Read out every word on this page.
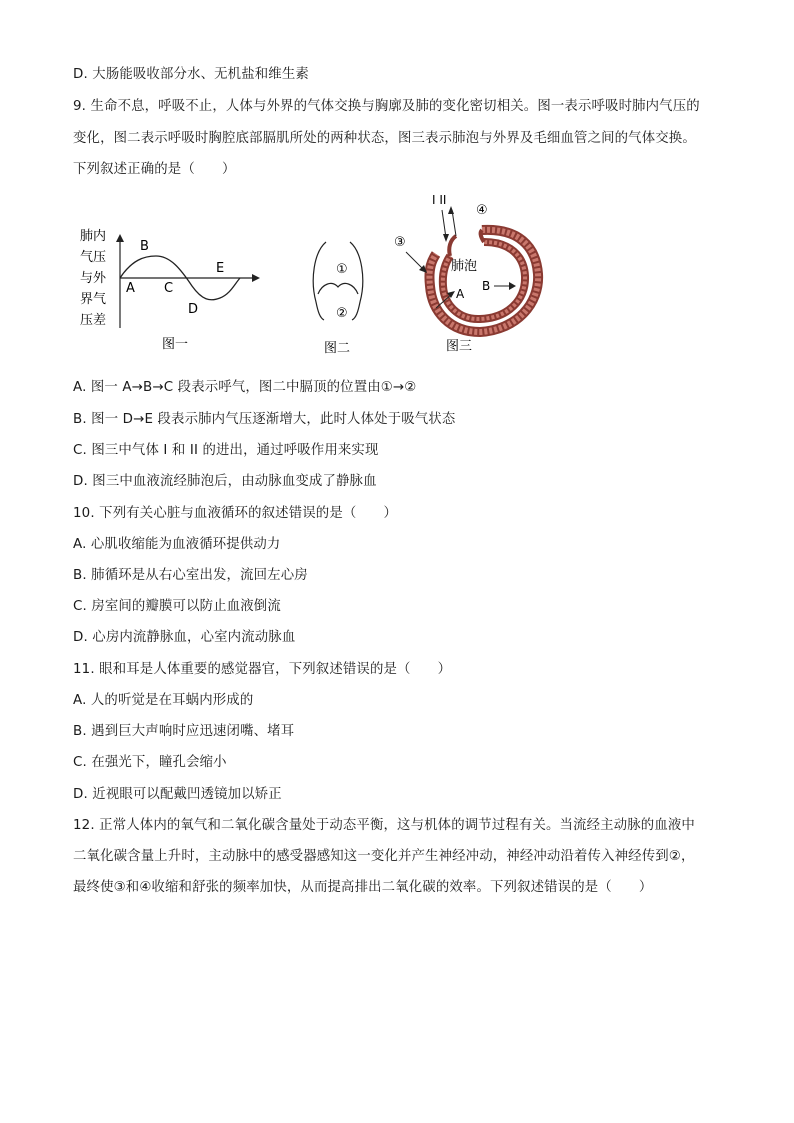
D. 大肠能吸收部分水、无机盐和维生素
9. 生命不息，呼吸不止，人体与外界的气体交换与胸廓及肺的变化密切相关。图一表示呼吸时肺内气压的
变化，图二表示呼吸时胸腔底部膈肌所处的两种状态，图三表示肺泡与外界及毛细血管之间的气体交换。
下列叙述正确的是（　　）
肺内
气压
与外
界气
压差
A
B
C
D
E
图一
①
②
图二
I II
③
④
肺泡
A
B
图三
A. 图一 A→B→C 段表示呼气，图二中膈顶的位置由①→②
B. 图一 D→E 段表示肺内气压逐渐增大，此时人体处于吸气状态
C. 图三中气体 I 和 II 的进出，通过呼吸作用来实现
D. 图三中血液流经肺泡后，由动脉血变成了静脉血
10. 下列有关心脏与血液循环的叙述错误的是（　　）
A. 心肌收缩能为血液循环提供动力
B. 肺循环是从右心室出发，流回左心房
C. 房室间的瓣膜可以防止血液倒流
D. 心房内流静脉血，心室内流动脉血
11. 眼和耳是人体重要的感觉器官，下列叙述错误的是（　　）
A. 人的听觉是在耳蜗内形成的
B. 遇到巨大声响时应迅速闭嘴、堵耳
C. 在强光下，瞳孔会缩小
D. 近视眼可以配戴凹透镜加以矫正
12. 正常人体内的氧气和二氧化碳含量处于动态平衡，这与机体的调节过程有关。当流经主动脉的血液中
二氧化碳含量上升时，主动脉中的感受器感知这一变化并产生神经冲动，神经冲动沿着传入神经传到②，
最终使③和④收缩和舒张的频率加快，从而提高排出二氧化碳的效率。下列叙述错误的是（　　）
